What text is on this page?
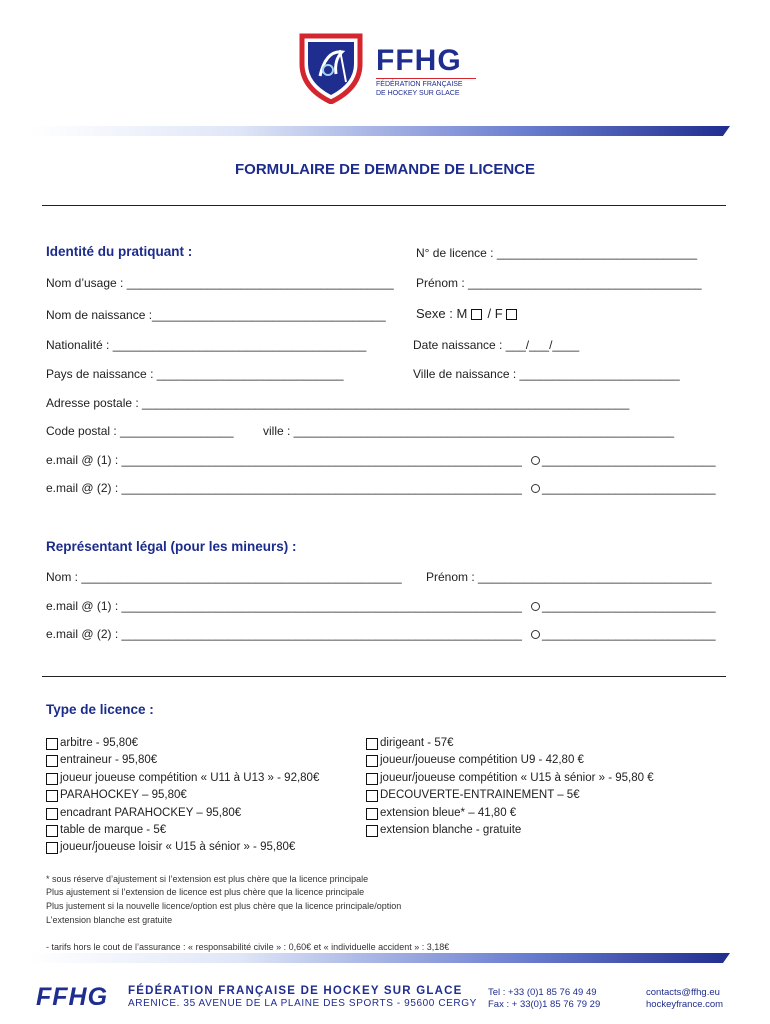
FFHG
FÉDÉRATION FRANÇAISE
DE HOCKEY SUR GLACE
FORMULAIRE DE DEMANDE DE LICENCE
Identité du pratiquant :	N° de licence : ______________________________
Nom d’usage : ________________________________________ Prénom : ___________________________________
Nom de naissance :___________________________________ Sexe : M / F
Nationalité : ______________________________________	Date naissance : ___/___/____
Pays de naissance : ____________________________	Ville de naissance : ________________________
Adresse postale : _________________________________________________________________________
Code postal : _________________ ville : _________________________________________________________
e.mail @ (1) : ____________________________________________________________ __________________________
e.mail @ (2) : ____________________________________________________________ __________________________
Représentant légal (pour les mineurs) :
Nom : ________________________________________________ Prénom : ___________________________________
e.mail @ (1) : ____________________________________________________________ __________________________
e.mail @ (2) : ____________________________________________________________ __________________________
Type de licence :
arbitre - 95,80€
entraineur - 95,80€
joueur joueuse compétition « U11 à U13 » - 92,80€
PARAHOCKEY – 95,80€
encadrant PARAHOCKEY – 95,80€
table de marque - 5€
joueur/joueuse loisir « U15 à sénior » - 95,80€
dirigeant - 57€
joueur/joueuse compétition U9 - 42,80 €
joueur/joueuse compétition « U15 à sénior » - 95,80 €
DECOUVERTE-ENTRAINEMENT – 5€
extension bleue* – 41,80 €
extension blanche - gratuite
* sous réserve d’ajustement si l’extension est plus chère que la licence principale
Plus ajustement si l’extension de licence est plus chère que la licence principale
Plus justement si la nouvelle licence/option est plus chère que la licence principale/option
L’extension blanche est gratuite
- tarifs hors le cout de l’assurance : « responsabilité civile » : 0,60€ et « individuelle accident » : 3,18€
FFHG FÉDÉRATION FRANÇAISE DE HOCKEY SUR GLACE
ARENICE. 35 AVENUE DE LA PLAINE DES SPORTS - 95600 CERGY
Tel : +33 (0)1 85 76 49 49
Fax : + 33(0)1 85 76 79 29
contacts@ffhg.eu
hockeyfrance.com
